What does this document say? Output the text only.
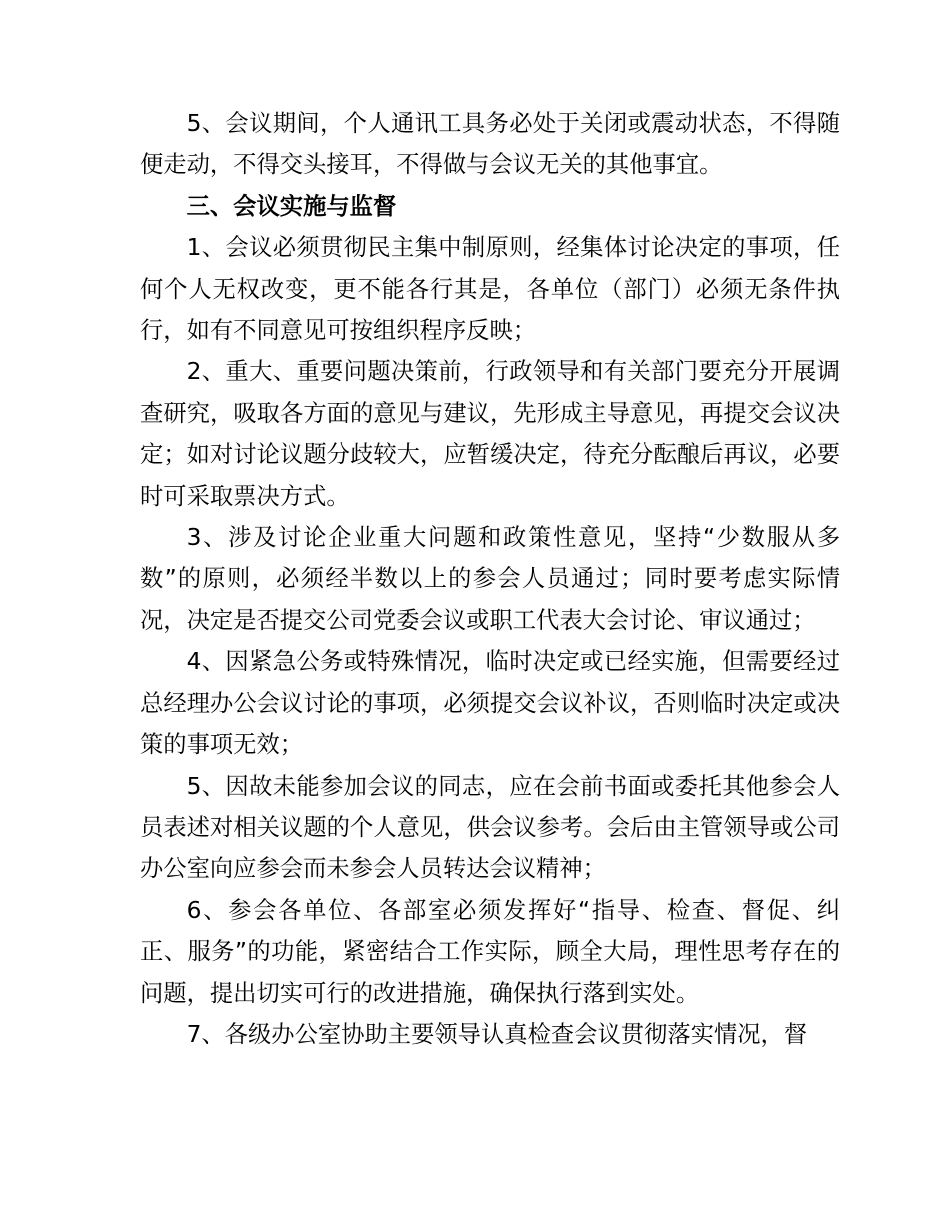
5、会议期间，个人通讯工具务必处于关闭或震动状态，不得随便走动，不得交头接耳，不得做与会议无关的其他事宜。

三、会议实施与监督

1、会议必须贯彻民主集中制原则，经集体讨论决定的事项，任何个人无权改变，更不能各行其是，各单位（部门）必须无条件执行，如有不同意见可按组织程序反映；

2、重大、重要问题决策前，行政领导和有关部门要充分开展调查研究，吸取各方面的意见与建议，先形成主导意见，再提交会议决定；如对讨论议题分歧较大，应暂缓决定，待充分酝酿后再议，必要时可采取票决方式。

3、涉及讨论企业重大问题和政策性意见，坚持“少数服从多数”的原则，必须经半数以上的参会人员通过；同时要考虑实际情况，决定是否提交公司党委会议或职工代表大会讨论、审议通过；

4、因紧急公务或特殊情况，临时决定或已经实施，但需要经过总经理办公会议讨论的事项，必须提交会议补议，否则临时决定或决策的事项无效；

5、因故未能参加会议的同志，应在会前书面或委托其他参会人员表述对相关议题的个人意见，供会议参考。会后由主管领导或公司办公室向应参会而未参会人员转达会议精神；

6、参会各单位、各部室必须发挥好“指导、检查、督促、纠正、服务”的功能，紧密结合工作实际，顾全大局，理性思考存在的问题，提出切实可行的改进措施，确保执行落到实处。

7、各级办公室协助主要领导认真检查会议贯彻落实情况，督
